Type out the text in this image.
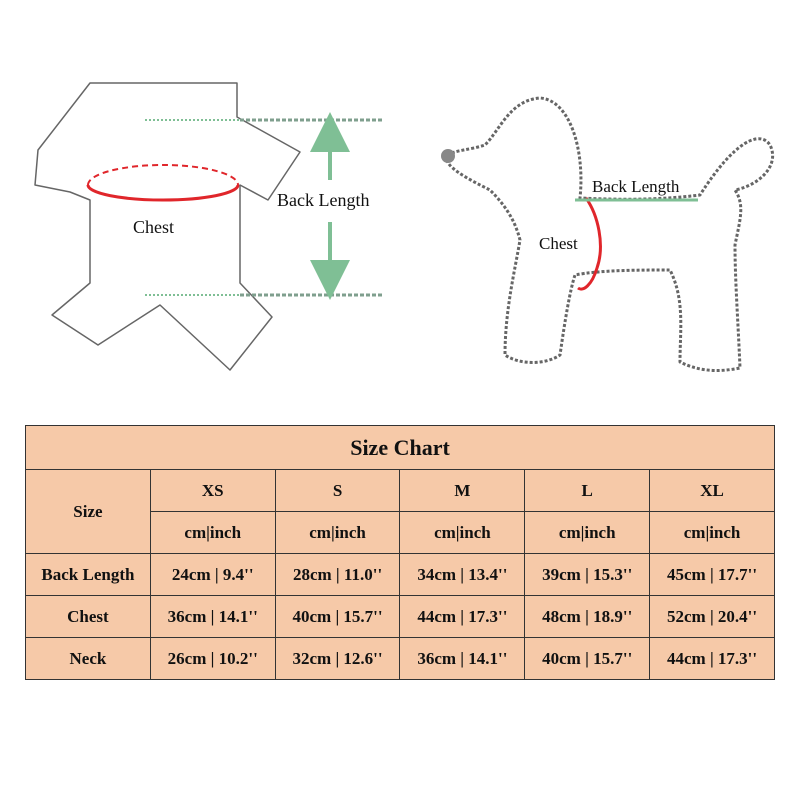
Chest
Back Length
Back Length
Chest
Size Chart					
Size	XS	S	M	L	XL
	cm|inch	cm|inch	cm|inch	cm|inch	cm|inch
Back Length	24cm | 9.4''	28cm | 11.0''	34cm | 13.4''	39cm | 15.3''	45cm | 17.7''
Chest	36cm | 14.1''	40cm | 15.7''	44cm | 17.3''	48cm | 18.9''	52cm | 20.4''
Neck	26cm | 10.2''	32cm | 12.6''	36cm | 14.1''	40cm | 15.7''	44cm | 17.3''
